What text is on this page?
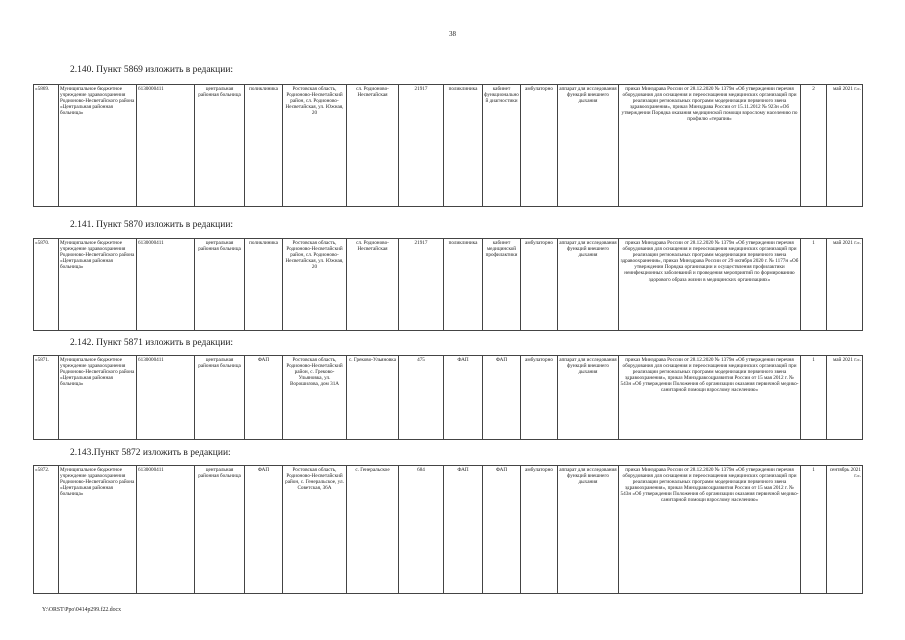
38
2.140. Пункт 5869 изложить в редакции:
«5869.	Муниципальное бюджетное учреждение здравоохранения Родионово-Несветайского района «Центральная районная больница»	6130000411	центральная районная больница	поликлиника	Ростовская область, Родионово-Несветайский район, сл. Родионово-Несветайская, ул. Южная, 20	сл. Родионово-Несветайская	21917	поликлиника	кабинет функциональной диагностики	амбулаторно	аппарат для исследования функций внешнего дыхания	приказ Минздрава России от 28.12.2020 № 1379н «Об утверждении перечня оборудования для оснащения и переоснащения медицинских организаций при реализации региональных программ модернизации первичного звена здравоохранения», приказ Минздрава России от 15.11.2012 № 923н «Об утверждении Порядка оказания медицинской помощи взрослому населению по профилю «терапия»	2	май 2021 г.».
2.141. Пункт 5870 изложить в редакции:
«5870.	Муниципальное бюджетное учреждение здравоохранения Родионово-Несветайского района «Центральная районная больница»	6130000411	центральная районная больница	поликлиника	Ростовская область, Родионово-Несветайский район, сл. Родионово-Несветайская, ул. Южная, 20	сл. Родионово-Несветайская	21917	поликлиника	кабинет медицинской профилактики	амбулаторно	аппарат для исследования функций внешнего дыхания	приказ Минздрава России от 28.12.2020 № 1379н «Об утверждении перечня оборудования для оснащения и переоснащения медицинских организаций при реализации региональных программ модернизации первичного звена здравоохранения», приказ Минздрава России от 29 октября 2020 г. № 1177н «Об утверждении Порядка организации и осуществления профилактики неинфекционных заболеваний и проведения мероприятий по формированию здорового образа жизни в медицинских организациях»	1	май 2021 г.».
2.142. Пункт 5871 изложить в редакции:
«5871.	Муниципальное бюджетное учреждение здравоохранения Родионово-Несветайского района «Центральная районная больница»	6130000411	центральная районная больница	ФАП	Ростовская область, Родионово-Несветайский район, с. Греково-Ульяновка, ул. Ворошилова, дом 31А	с. Греково-Ульяновка	475	ФАП	ФАП	амбулаторно	аппарат для исследования функций внешнего дыхания	приказ Минздрава России от 28.12.2020 № 1379н «Об утверждении перечня оборудования для оснащения и переоснащения медицинских организаций при реализации региональных программ модернизации первичного звена здравоохранения», приказ Минздравсоцразвития России от 15 мая 2012 г. № 543н «Об утверждении Положения об организации оказания первичной медико-санитарной помощи взрослому населению»	1	май 2021 г.».
2.143.Пункт 5872 изложить в редакции:
«5872.	Муниципальное бюджетное учреждение здравоохранения Родионово-Несветайского района «Центральная районная больница»	6130000411	центральная районная больница	ФАП	Ростовская область, Родионово-Несветайский район, с. Генеральское, ул. Советская, 36А	с. Генеральское	684	ФАП	ФАП	амбулаторно	аппарат для исследования функций внешнего дыхания	приказ Минздрава России от 28.12.2020 № 1379н «Об утверждении перечня оборудования для оснащения и переоснащения медицинских организаций при реализации региональных программ модернизации первичного звена здравоохранения», приказ Минздравсоцразвития России от 15 мая 2012 г. № 543н «Об утверждении Положения об организации оказания первичной медико-санитарной помощи взрослому населению»	1	сентябрь 2021 г.».
Y:\ORST\Ppo\0414p299.f22.docx
